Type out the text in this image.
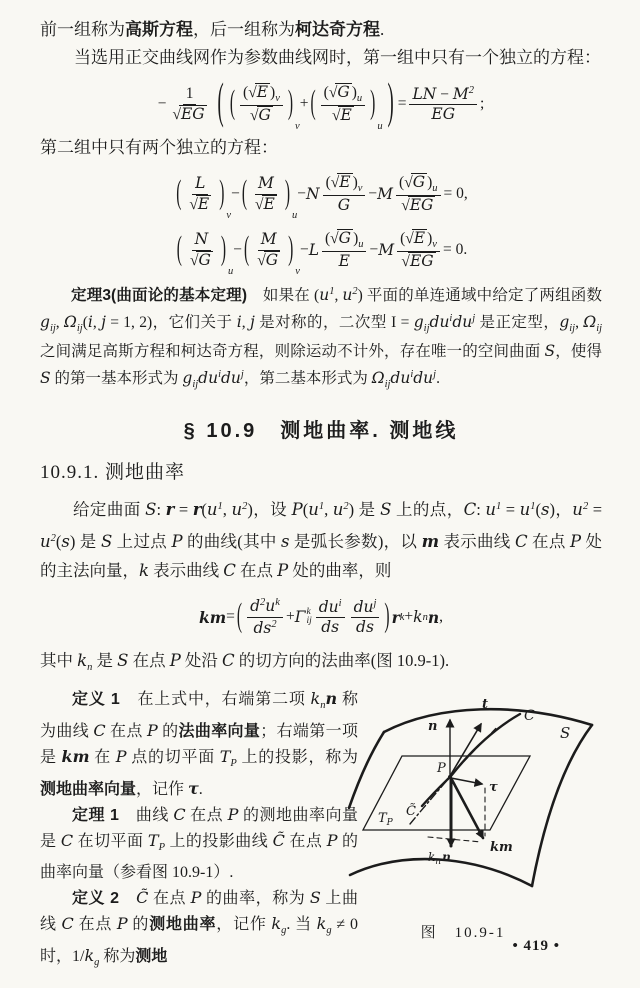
前一组称为高斯方程，后一组称为柯达奇方程.

当选用正交曲线网作为参数曲线网时，第一组中只有一个独立的方程：

− $\frac{1}{√EG}$ ( ( (√E )$_v$
√G	)
v
+ ( (√G )$_u$
√E	)
u ) = $\frac{LN - M^2}{EG}$ ;

第二组中只有两个独立的方程：

( L
√E )
v
− ( M
√E )
u
− N
(√E )$_v$
G
− M $\frac{(√G )_u}{√EG} = 0$,
( N
√G )
u
− ( M
√G )
v
− L
(√G )$_u$
E
− M $\frac{(√E )_v}{√EG} = 0$.

定理3(曲面论的基本定理)　如果在 ($u^1$, $u^2$) 平面的单连通域中给定了两组函数 $g_{ij}$, $\Omega_{ij}(i$, j = 1, 2)，它们关于 i, j 是对称的，二次型 $I = g_{ij}du^idu^j$ 是正定型，$g_{ij}$, $\Omega_{ij}$ 之间满足高斯方程和柯达奇方程，则除运动不计外，存在唯一的空间曲面 S，使得 S 的第一基本形式为 $g_{ij}du^idu^j$，第二基本形式为 $\Omega_{ij}du^idu^j$.

§ 10.9　测地曲率. 测地线
10.9.1. 测地曲率

给定曲面 S: $r = r(u^1$, $u^2$)，设 $P(u^1$, $u^2$) 是 S 上的点，C: $u^1 = u^1(s)$，$u^2 = u^2(s)$ 是 S 上过点 P 的曲线(其中 s 是弧长参数)，以 m 表示曲线 C 在点 P 处的主法向量，k 表示曲线 C 在点 P 处的曲率，则

km = ( $d^2u^k$
$ds^2 + \Gamma$ k
ij
$du^i$
ds
$du^j$
ds ) r k + k n n ,

其中 $k_n$ 是 S 在点 P 处沿 C 的切方向的法曲率(图 10.9-1).

定义 1　在上式中，右端第二项 $k_nn$ 称为曲线 C 在点 P 的法曲率向量；右端第一项是 km 在 P 点的切平面 $T_P$ 上的投影，称为测地曲率向量，记作 τ.

定理 1　曲线 C 在点 P 的测地曲率向量是 C 在切平面 $T_P$ 上的投影曲线 C̃ 在点 P 的曲率向量（参看图 10.9-1）.

定义 2　 C̃ 在点 P 的曲率，称为 S 上曲线 C 在点 P 的测地曲率，记作 $k_g$. 当 $k_g \ne 0$ 时，$1/k_g$ 称为测地

n
t
C
S
P
C̃
τ
km
$k_nn$
$T_P$
图　10.9-1
• 419 •
